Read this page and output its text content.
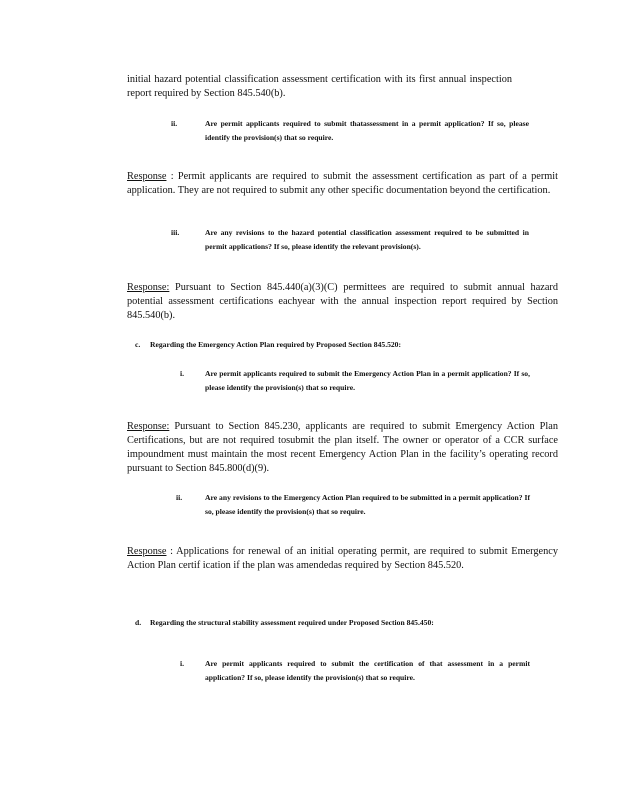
initial hazard potential classification assessment certification with its first annual inspection report required by Section 845.540(b).

ii.	Are permit applicants required to submit thatassessment in a permit application? If so, please identify the provision(s) that so require.

Response : Permit applicants are required to submit the assessment certification as part of a permit application. They are not required to submit any other specific documentation beyond the certification.

iii.	Are any revisions to the hazard potential classification assessment required to be submitted in permit applications? If so, please identify the relevant provision(s).

Response: Pursuant to Section 845.440(a)(3)(C) permittees are required to submit annual hazard potential assessment certifications eachyear with the annual inspection report required by Section 845.540(b).

c. Regarding the Emergency Action Plan required by Proposed Section 845.520:

i.	Are permit applicants required to submit the Emergency Action Plan in a permit application? If so, please identify the provision(s) that so require.

Response: Pursuant to Section 845.230, applicants are required to submit Emergency Action Plan Certifications, but are not required tosubmit the plan itself. The owner or operator of a CCR surface impoundment must maintain the most recent Emergency Action Plan in the facility’s operating record pursuant to Section 845.800(d)(9).

ii.	Are any revisions to the Emergency Action Plan required to be submitted in a permit application? If so, please identify the provision(s) that so require.

Response : Applications for renewal of an initial operating permit, are required to submit Emergency Action Plan certif ication if the plan was amendedas required by Section 845.520.

d. Regarding the structural stability assessment required under Proposed Section 845.450:

i.	Are permit applicants required to submit the certification of that assessment in a permit application? If so, please identify the provision(s) that so require.
